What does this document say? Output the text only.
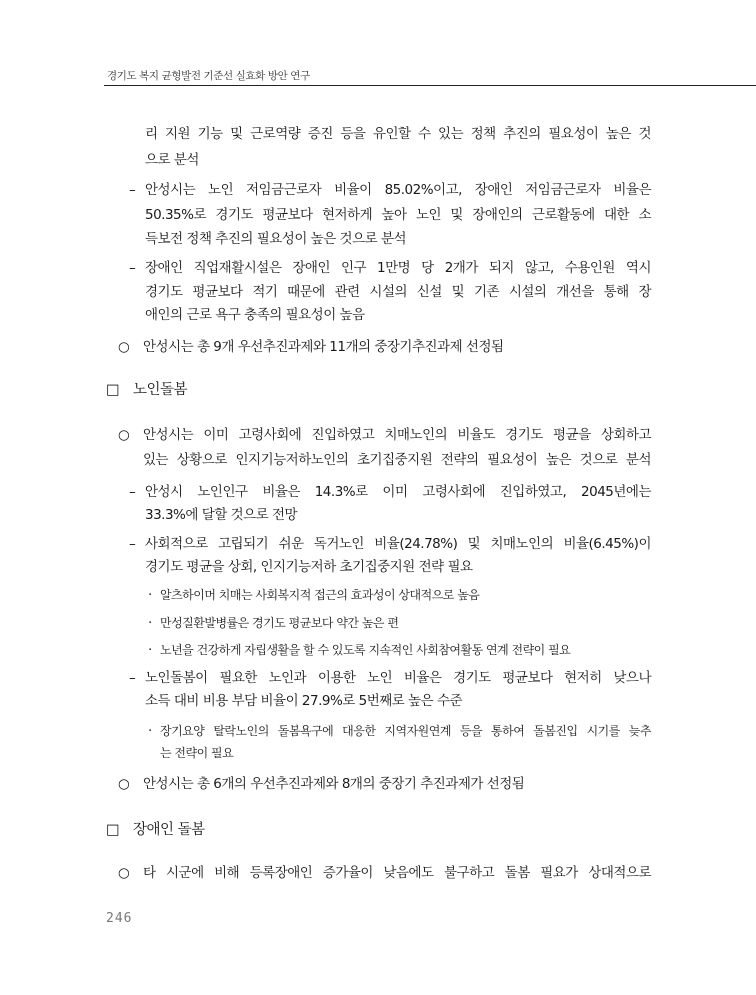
경기도 복지 균형발전 기준선 실효화 방안 연구
리 지원 기능 및 근로역량 증진 등을 유인할 수 있는 정책 추진의 필요성이 높은 것
으로 분석
– 안성시는 노인 저임금근로자 비율이 85.02%이고, 장애인 저임금근로자 비율은
50.35%로 경기도 평균보다 현저하게 높아 노인 및 장애인의 근로활동에 대한 소
득보전 정책 추진의 필요성이 높은 것으로 분석
– 장애인 직업재활시설은 장애인 인구 1만명 당 2개가 되지 않고, 수용인원 역시
경기도 평균보다 적기 때문에 관련 시설의 신설 및 기존 시설의 개선을 통해 장
애인의 근로 욕구 충족의 필요성이 높음
○ 안성시는 총 9개 우선추진과제와 11개의 중장기추진과제 선정됨
□ 노인돌봄
○ 안성시는 이미 고령사회에 진입하였고 치매노인의 비율도 경기도 평균을 상회하고
있는 상황으로 인지기능저하노인의 초기집중지원 전략의 필요성이 높은 것으로 분석
– 안성시 노인인구 비율은 14.3%로 이미 고령사회에 진입하였고, 2045년에는
33.3%에 달할 것으로 전망
– 사회적으로 고립되기 쉬운 독거노인 비율(24.78%) 및 치매노인의 비율(6.45%)이
경기도 평균을 상회, 인지기능저하 초기집중지원 전략 필요
· 알츠하이머 치매는 사회복지적 접근의 효과성이 상대적으로 높음
· 만성질환발병률은 경기도 평균보다 약간 높은 편
· 노년을 건강하게 자립생활을 할 수 있도록 지속적인 사회참여활동 연계 전략이 필요
– 노인돌봄이 필요한 노인과 이용한 노인 비율은 경기도 평균보다 현저히 낮으나
소득 대비 비용 부담 비율이 27.9%로 5번째로 높은 수준
· 장기요양 탈락노인의 돌봄욕구에 대응한 지역자원연계 등을 통하여 돌봄진입 시기를 늦추
는 전략이 필요
○ 안성시는 총 6개의 우선추진과제와 8개의 중장기 추진과제가 선정됨
□ 장애인 돌봄
○ 타 시군에 비해 등록장애인 증가율이 낮음에도 불구하고 돌봄 필요가 상대적으로
246
